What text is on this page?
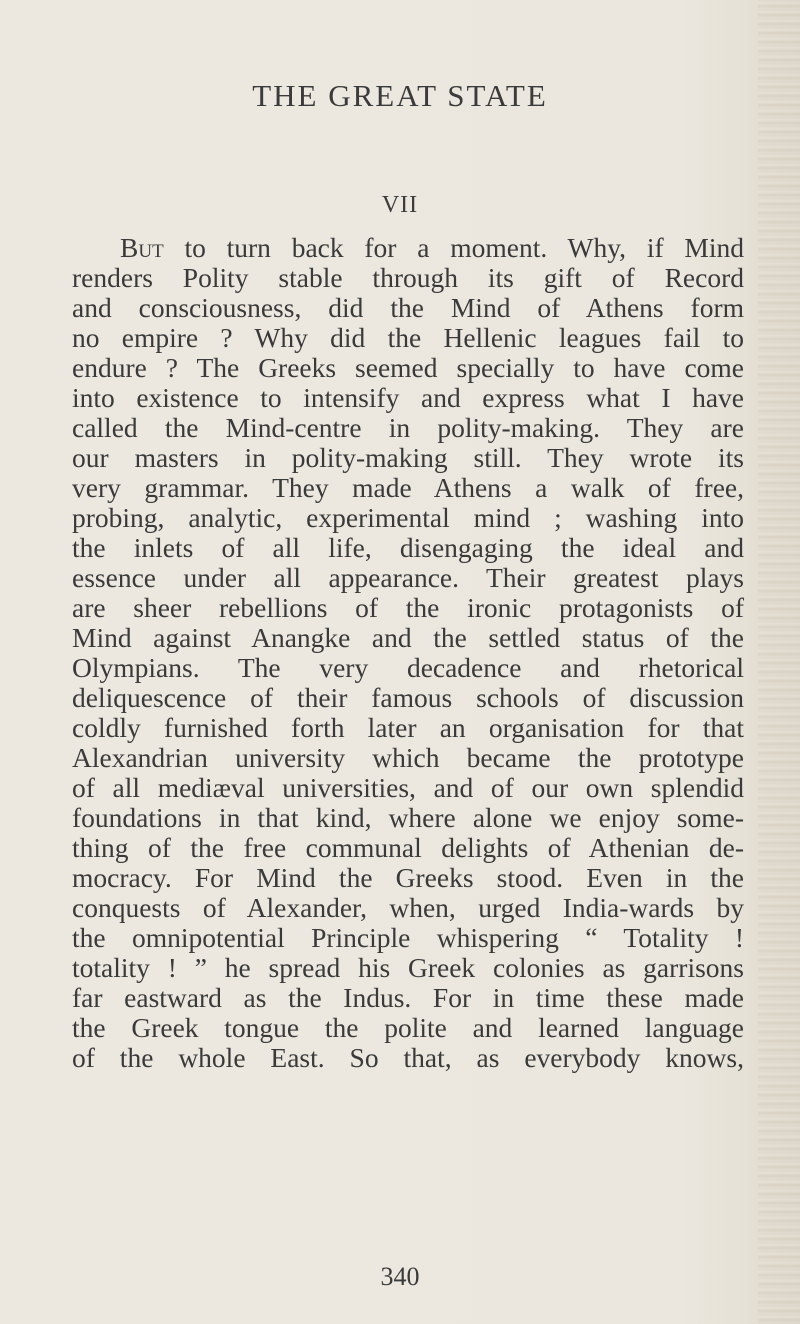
THE GREAT STATE
VII
But to turn back for a moment. Why, if Mind
renders Polity stable through its gift of Record
and consciousness, did the Mind of Athens form
no empire ? Why did the Hellenic leagues fail to
endure ? The Greeks seemed specially to have come
into existence to intensify and express what I have
called the Mind-centre in polity-making. They are
our masters in polity-making still. They wrote its
very grammar. They made Athens a walk of free,
probing, analytic, experimental mind ; washing into
the inlets of all life, disengaging the ideal and
essence under all appearance. Their greatest plays
are sheer rebellions of the ironic protagonists of
Mind against Anangke and the settled status of the
Olympians. The very decadence and rhetorical
deliquescence of their famous schools of discussion
coldly furnished forth later an organisation for that
Alexandrian university which became the prototype
of all mediæval universities, and of our own splendid
foundations in that kind, where alone we enjoy some-
thing of the free communal delights of Athenian de-
mocracy. For Mind the Greeks stood. Even in the
conquests of Alexander, when, urged India-wards by
the omnipotential Principle whispering “ Totality !
totality ! ” he spread his Greek colonies as garrisons
far eastward as the Indus. For in time these made
the Greek tongue the polite and learned language
of the whole East. So that, as everybody knows,

340
